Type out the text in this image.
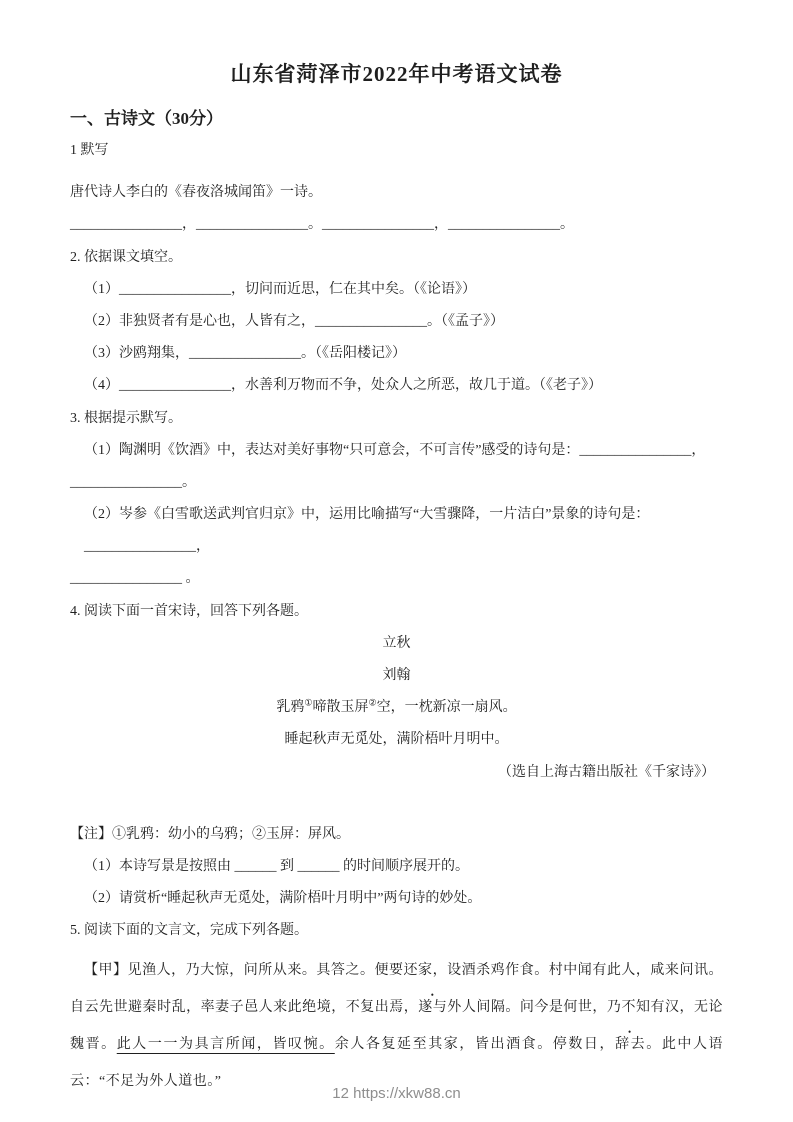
山东省菏泽市2022年中考语文试卷
一、古诗文（30分）

1 默写

唐代诗人李白的《春夜洛城闻笛》一诗。

________________，________________。________________，________________。

2. 依据课文填空。

（1）________________，切问而近思，仁在其中矣。（《论语》）

（2）非独贤者有是心也，人皆有之，________________。（《孟子》）

（3）沙鸥翔集，________________。（《岳阳楼记》）

（4）________________，水善利万物而不争，处众人之所恶，故几于道。（《老子》）

3. 根据提示默写。

（1）陶渊明《饮酒》中，表达对美好事物“只可意会，不可言传”感受的诗句是：________________，

________________。

（2）岑参《白雪歌送武判官归京》中，运用比喻描写“大雪骤降，一片洁白”景象的诗句是：________________，

________________ 。

4. 阅读下面一首宋诗，回答下列各题。

立秋

刘翰

乳鸦①啼散玉屏②空，一枕新凉一扇风。

睡起秋声无觅处，满阶梧叶月明中。

（选自上海古籍出版社《千家诗》）

【注】①乳鸦：幼小的乌鸦；②玉屏：屏风。

（1）本诗写景是按照由 ______ 到 ______ 的时间顺序展开的。

（2）请赏析“睡起秋声无觅处，满阶梧叶月明中”两句诗的妙处。

5. 阅读下面的文言文，完成下列各题。

【甲】见渔人，乃大惊，问所从来。具答之。便要还家，设酒杀鸡作食。村中闻有此人，咸来问讯。自云先世避秦时乱，率妻子邑人来此绝境，不复出焉，遂与外人间隔。问今是何世，乃不知有汉，无论魏晋。此人一一为具言所闻，皆叹惋。余人各复延至其家，皆出酒食。停数日，辞去。此中人语云：“不足为外人道也。”

12 https://xkw88.cn
